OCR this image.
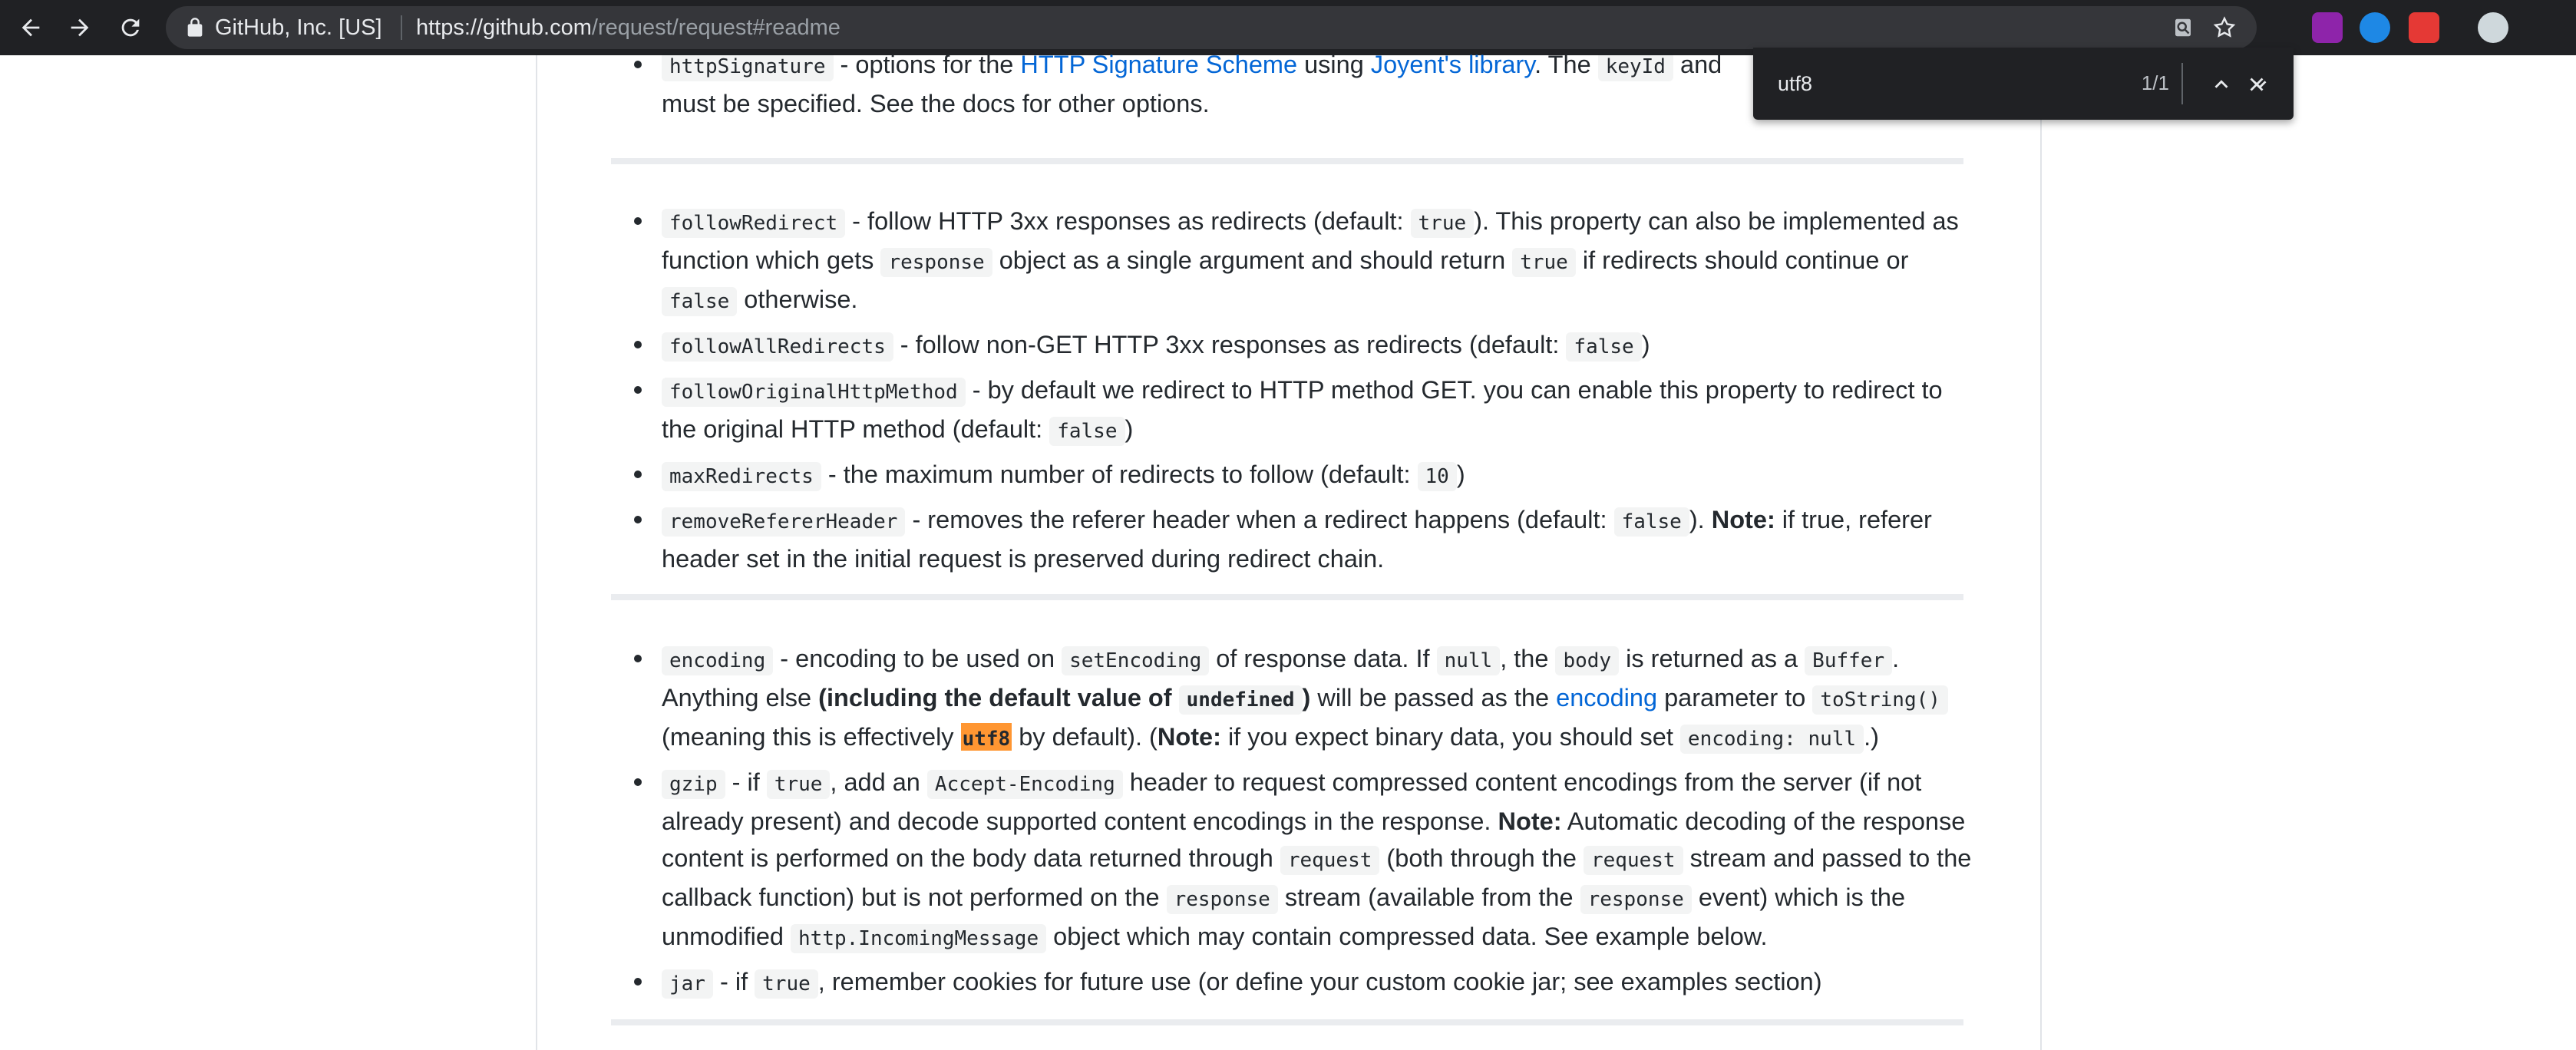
GitHub, Inc. [US] https://github.com/request/request#readme
httpSignature - options for the HTTP Signature Scheme using Joyent's library. The keyId and
must be specified. See the docs for other options.
followRedirect - follow HTTP 3xx responses as redirects (default: true ). This property can also be implemented as function which gets response object as a single argument and should return true if redirects should continue or false otherwise.
followAllRedirects - follow non-GET HTTP 3xx responses as redirects (default: false )
followOriginalHttpMethod - by default we redirect to HTTP method GET. you can enable this property to redirect to the original HTTP method (default: false )
maxRedirects - the maximum number of redirects to follow (default: 10 )
removeRefererHeader - removes the referer header when a redirect happens (default: false ). Note: if true, referer header set in the initial request is preserved during redirect chain.
encoding - encoding to be used on setEncoding of response data. If null , the body is returned as a Buffer . Anything else (including the default value of undefined ) will be passed as the encoding parameter to toString() (meaning this is effectively utf8 by default). (Note: if you expect binary data, you should set encoding: null .)
gzip - if true , add an Accept-Encoding header to request compressed content encodings from the server (if not already present) and decode supported content encodings in the response. Note: Automatic decoding of the response content is performed on the body data returned through request (both through the request stream and passed to the callback function) but is not performed on the response stream (available from the response event) which is the unmodified http.IncomingMessage object which may contain compressed data. See example below.
jar - if true , remember cookies for future use (or define your custom cookie jar; see examples section)
utf8
1/1
